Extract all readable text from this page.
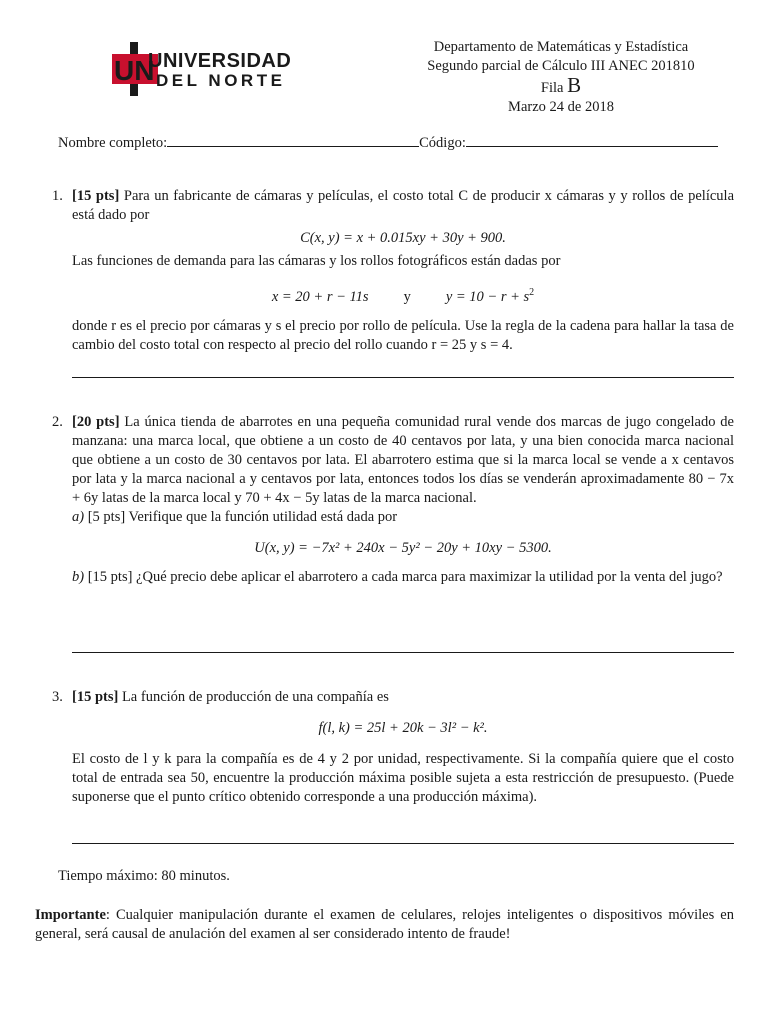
UN
UNIVERSIDAD
DEL NORTE
Departamento de Matemáticas y Estadística
Segundo parcial de Cálculo III ANEC 201810
Fila B
Marzo 24 de 2018
Nombre completo:	Código:
1. [15 pts] Para un fabricante de cámaras y películas, el costo total C de producir x cámaras y y rollos de película está dado por
C(x, y) = x + 0.015xy + 30y + 900.
Las funciones de demanda para las cámaras y los rollos fotográficos están dadas por
x = 20 + r − 11s y $y = 10 - r + s^2$
donde r es el precio por cámaras y s el precio por rollo de película. Use la regla de la cadena para hallar la tasa de cambio del costo total con respecto al precio del rollo cuando r = 25 y s = 4.
2. [20 pts] La única tienda de abarrotes en una pequeña comunidad rural vende dos marcas de jugo congelado de manzana: una marca local, que obtiene a un costo de 40 centavos por lata, y una bien conocida marca nacional que obtiene a un costo de 30 centavos por lata. El abarrotero estima que si la marca local se vende a x centavos por lata y la marca nacional a y centavos por lata, entonces todos los días se venderán aproximadamente 80 − 7x + 6y latas de la marca local y 70 + 4x − 5y latas de la marca nacional.
a) [5 pts] Verifique que la función utilidad está dada por
U(x, y) = −7x² + 240x − 5y² − 20y + 10xy − 5300.
b) [15 pts] ¿Qué precio debe aplicar el abarrotero a cada marca para maximizar la utilidad por la venta del jugo?
3. [15 pts] La función de producción de una compañía es
f(l, k) = 25l + 20k − 3l² − k².
El costo de l y k para la compañía es de 4 y 2 por unidad, respectivamente. Si la compañía quiere que el costo total de entrada sea 50, encuentre la producción máxima posible sujeta a esta restricción de presupuesto. (Puede suponerse que el punto crítico obtenido corresponde a una producción máxima).
Tiempo máximo: 80 minutos.
Importante: Cualquier manipulación durante el examen de celulares, relojes inteligentes o dispositivos móviles en general, será causal de anulación del examen al ser considerado intento de fraude!
